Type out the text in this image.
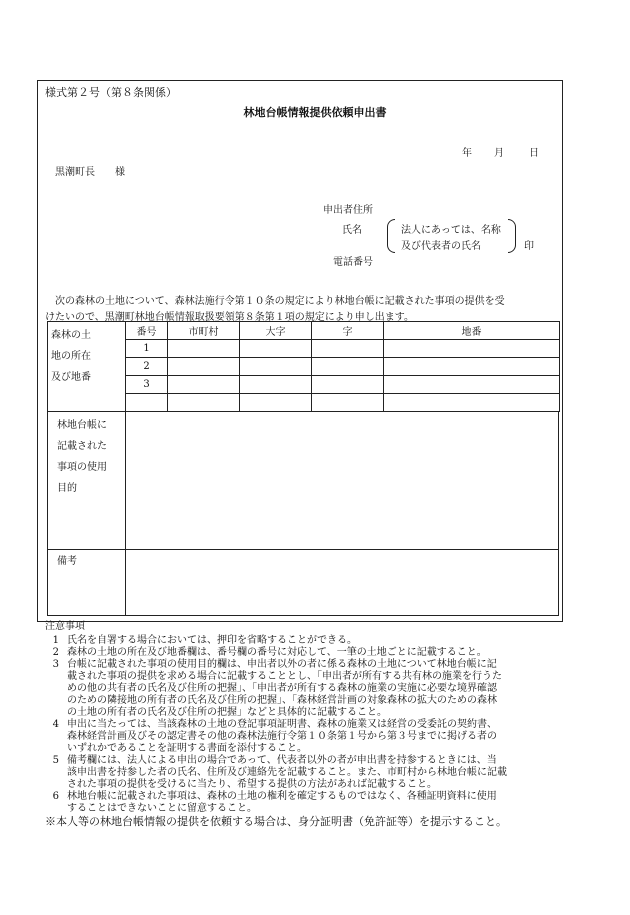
様式第２号（第８条関係）
林地台帳情報提供依頼申出書
年 月	日
黒潮町長　　様
申出者住所
氏名	法人にあっては、名称
及び代表者の氏名	印
電話番号
次の森林の土地について、森林法施行令第１０条の規定により林地台帳に記載された事項の提供を受
けたいので、黒潮町林地台帳情報取扱要領第８条第１項の規定により申し出ます。
森林の土
地の所在
及び地番	番号	市町村	大字	字	地番
	1				
	2				
	3				

林地台帳に
記載された
事項の使用
目的
備考
注意事項
1 氏名を自署する場合においては、押印を省略することができる。
2 森林の土地の所在及び地番欄は、番号欄の番号に対応して、一筆の土地ごとに記載すること。
3 台帳に記載された事項の使用目的欄は、申出者以外の者に係る森林の土地について林地台帳に記
載された事項の提供を求める場合に記載することとし、「申出者が所有する共有林の施業を行うた
めの他の共有者の氏名及び住所の把握」、「申出者が所有する森林の施業の実施に必要な境界確認
のための隣接地の所有者の氏名及び住所の把握」、「森林経営計画の対象森林の拡大のための森林
の土地の所有者の氏名及び住所の把握」などと具体的に記載すること。
4 申出に当たっては、当該森林の土地の登記事項証明書、森林の施業又は経営の受委託の契約書、
森林経営計画及びその認定書その他の森林法施行令第１０条第１号から第３号までに掲げる者の
いずれかであることを証明する書面を添付すること。
5 備考欄には、法人による申出の場合であって、代表者以外の者が申出書を持参するときには、当
該申出書を持参した者の氏名、住所及び連絡先を記載すること。また、市町村から林地台帳に記載
された事項の提供を受けるに当たり、希望する提供の方法があれば記載すること。
6 林地台帳に記載された事項は、森林の土地の権利を確定するものではなく、各種証明資料に使用
することはできないことに留意すること。
※本人等の林地台帳情報の提供を依頼する場合は、身分証明書（免許証等）を提示すること。
